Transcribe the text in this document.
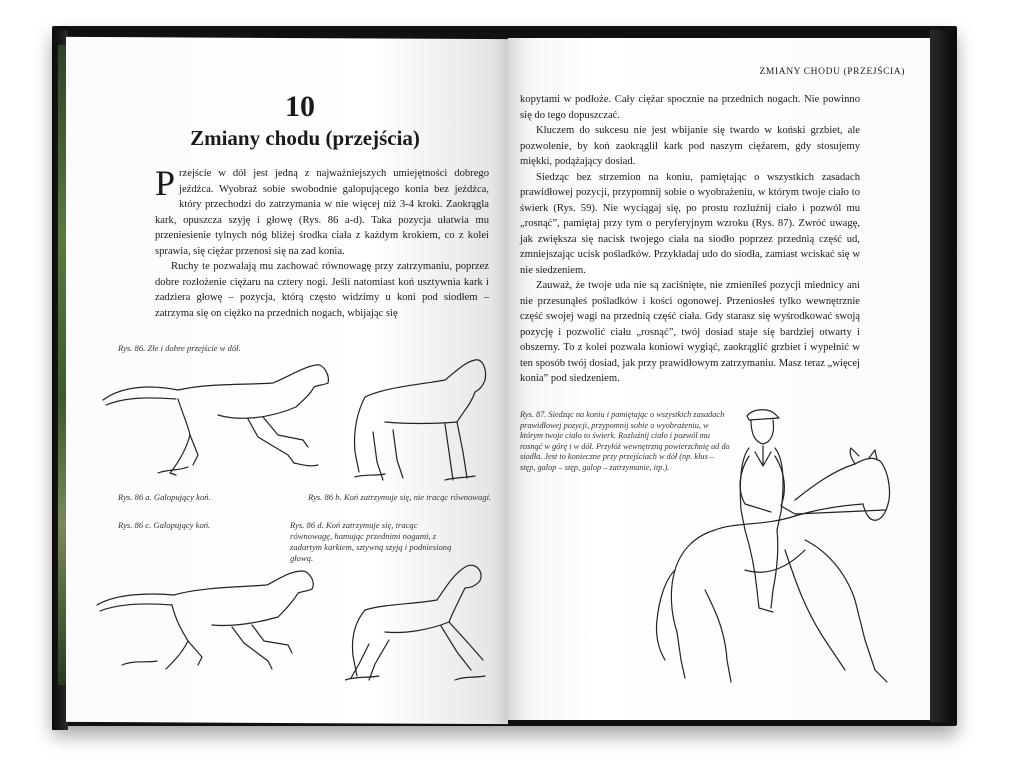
10
Zmiany chodu (przejścia)

Przejście w dół jest jedną z najważniejszych umiejętności dobrego jeźdźca. Wyobraź sobie swobodnie galopującego konia bez jeźdźca, który przechodzi do zatrzymania w nie więcej niż 3-4 kroki. Zaokrągla kark, opuszcza szyję i głowę (Rys. 86 a-d). Taka pozycja ułatwia mu przeniesienie tylnych nóg bliżej środka ciała z każdym krokiem, co z kolei sprawia, się ciężar przenosi się na zad konia.

Ruchy te pozwalają mu zachować równowagę przy zatrzymaniu, poprzez dobre rozłożenie ciężaru na cztery nogi. Jeśli natomiast koń usztywnia kark i zadziera głowę – pozycja, którą często widzimy u koni pod siodłem – zatrzyma się on ciężko na przednich nogach, wbijając się

Rys. 86. Złe i dobre przejście w dół.
Rys. 86 a. Galopujący koń.	Rys. 86 b. Koń zatrzymuje się, nie tracąc równowagi.
Rys. 86 c. Galopujący koń.	Rys. 86 d. Koń zatrzymuje się, tracąc równowagę, hamując przednimi nogami, z zadartym karkiem, sztywną szyją i podniesioną głową.
ZMIANY CHODU (PRZEJŚCIA)

kopytami w podłoże. Cały ciężar spocznie na przednich nogach. Nie powinno się do tego dopuszczać.

Kluczem do sukcesu nie jest wbijanie się twardo w koński grzbiet, ale pozwolenie, by koń zaokrąglił kark pod naszym ciężarem, gdy stosujemy miękki, podążający dosiad.

Siedząc bez strzemion na koniu, pamiętając o wszystkich zasadach prawidłowej pozycji, przypomnij sobie o wyobrażeniu, w którym twoje ciało to świerk (Rys. 59). Nie wyciągaj się, po prostu rozluźnij ciało i pozwól mu „rosnąć”, pamiętaj przy tym o peryferyjnym wzroku (Rys. 87). Zwróć uwagę, jak zwiększa się nacisk twojego ciała na siodło poprzez przednią część ud, zmniejszając ucisk pośladków. Przykładaj udo do siodła, zamiast wciskać się w nie siedzeniem.

Zauważ, że twoje uda nie są zaciśnięte, nie zmieniłeś pozycji miednicy ani nie przesunąłeś pośladków i kości ogonowej. Przeniosłeś tylko wewnętrznie część swojej wagi na przednią część ciała. Gdy starasz się wyśrodkować swoją pozycję i pozwolić ciału „rosnąć”, twój dosiad staje się bardziej otwarty i obszerny. To z kolei pozwala koniowi wygiąć, zaokrąglić grzbiet i wypełnić w ten sposób twój dosiad, jak przy prawidłowym zatrzymaniu. Masz teraz „więcej konia” pod siedzeniem.

Rys. 87. Siedząc na koniu i pamiętając o wszystkich zasadach prawidłowej pozycji, przypomnij sobie o wyobrażeniu, w którym twoje ciało to świerk. Rozluźnij ciało i pozwól mu rosnąć w górę i w dół. Przyłóż wewnętrzną powierzchnię ud do siodła. Jest to konieczne przy przejściach w dół (np. kłus – stęp, galop – stęp, galop – zatrzymanie, itp.).
